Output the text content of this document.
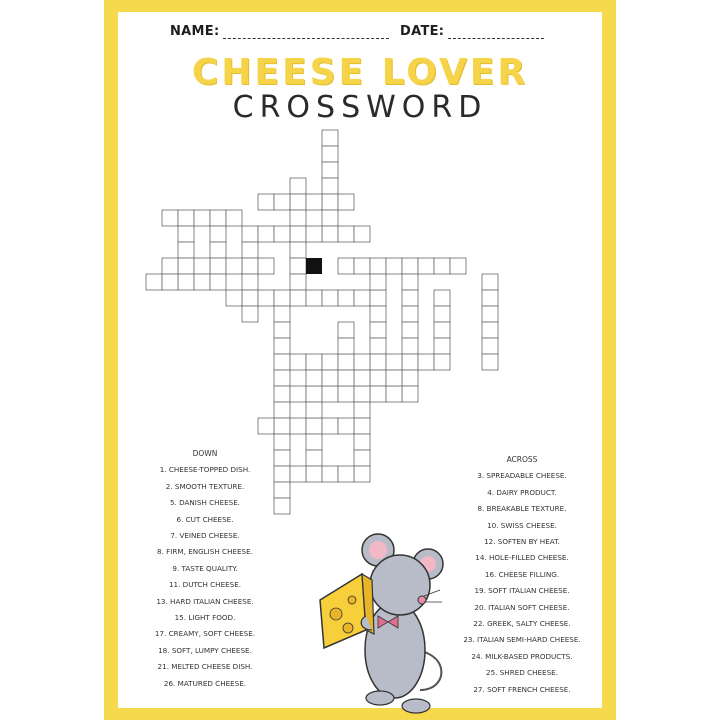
NAME:	DATE:
CHEESE LOVER
CROSSWORD
DOWN
1. CHEESE-TOPPED DISH.
2. SMOOTH TEXTURE.
5. DANISH CHEESE.
6. CUT CHEESE.
7. VEINED CHEESE.
8. FIRM, ENGLISH CHEESE.
9. TASTE QUALITY.
11. DUTCH CHEESE.
13. HARD ITALIAN CHEESE.
15. LIGHT FOOD.
17. CREAMY, SOFT CHEESE.
18. SOFT, LUMPY CHEESE.
21. MELTED CHEESE DISH.
26. MATURED CHEESE.
ACROSS
3. SPREADABLE CHEESE.
4. DAIRY PRODUCT.
8. BREAKABLE TEXTURE.
10. SWISS CHEESE.
12. SOFTEN BY HEAT.
14. HOLE-FILLED CHEESE.
16. CHEESE FILLING.
19. SOFT ITALIAN CHEESE.
20. ITALIAN SOFT CHEESE.
22. GREEK, SALTY CHEESE.
23. ITALIAN SEMI-HARD CHEESE.
24. MILK-BASED PRODUCTS.
25. SHRED CHEESE.
27. SOFT FRENCH CHEESE.
